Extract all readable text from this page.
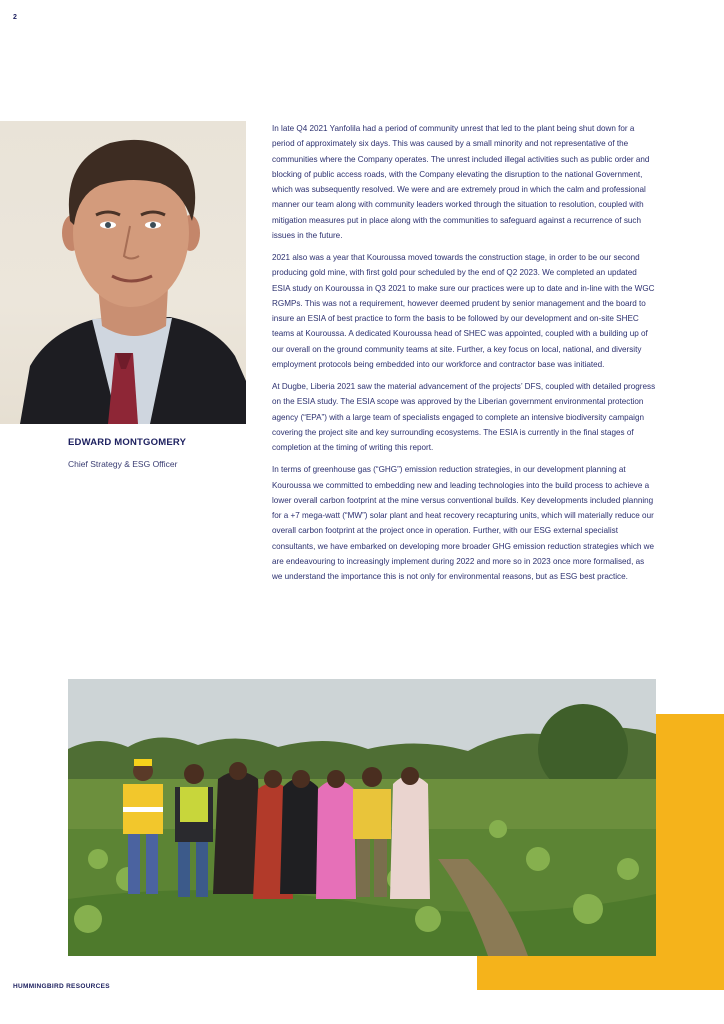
2
EDWARD MONTGOMERY
Chief Strategy & ESG Officer

In late Q4 2021 Yanfolila had a period of community unrest that led to the plant being shut down for a period of approximately six days. This was caused by a small minority and not representative of the communities where the Company operates. The unrest included illegal activities such as public order and blocking of public access roads, with the Company elevating the disruption to the national Government, which was subsequently resolved. We were and are extremely proud in which the calm and professional manner our team along with community leaders worked through the situation to resolution, coupled with mitigation measures put in place along with the communities to safeguard against a recurrence of such issues in the future.

2021 also was a year that Kouroussa moved towards the construction stage, in order to be our second producing gold mine, with first gold pour scheduled by the end of Q2 2023. We completed an updated ESIA study on Kouroussa in Q3 2021 to make sure our practices were up to date and in-line with the WGC RGMPs. This was not a requirement, however deemed prudent by senior management and the board to insure an ESIA of best practice to form the basis to be followed by our development and on-site SHEC teams at Kouroussa. A dedicated Kouroussa head of SHEC was appointed, coupled with a building up of our overall on the ground community teams at site. Further, a key focus on local, national, and diversity employment protocols being embedded into our workforce and contractor base was initiated.

At Dugbe, Liberia 2021 saw the material advancement of the projects’ DFS, coupled with detailed progress on the ESIA study. The ESIA scope was approved by the Liberian government environmental protection agency (“EPA”) with a large team of specialists engaged to complete an intensive biodiversity campaign covering the project site and key surrounding ecosystems. The ESIA is currently in the final stages of completion at the timing of writing this report.

In terms of greenhouse gas (“GHG”) emission reduction strategies, in our development planning at Kouroussa we committed to embedding new and leading technologies into the build process to achieve a lower overall carbon footprint at the mine versus conventional builds. Key developments included planning for a +7 mega-watt (“MW”) solar plant and heat recovery recapturing units, which will materially reduce our overall carbon footprint at the project once in operation. Further, with our ESG external specialist consultants, we have embarked on developing more broader GHG emission reduction strategies which we are endeavouring to increasingly implement during 2022 and more so in 2023 once more formalised, as we understand the importance this is not only for environmental reasons, but as ESG best practice.

HUMMINGBIRD RESOURCES
